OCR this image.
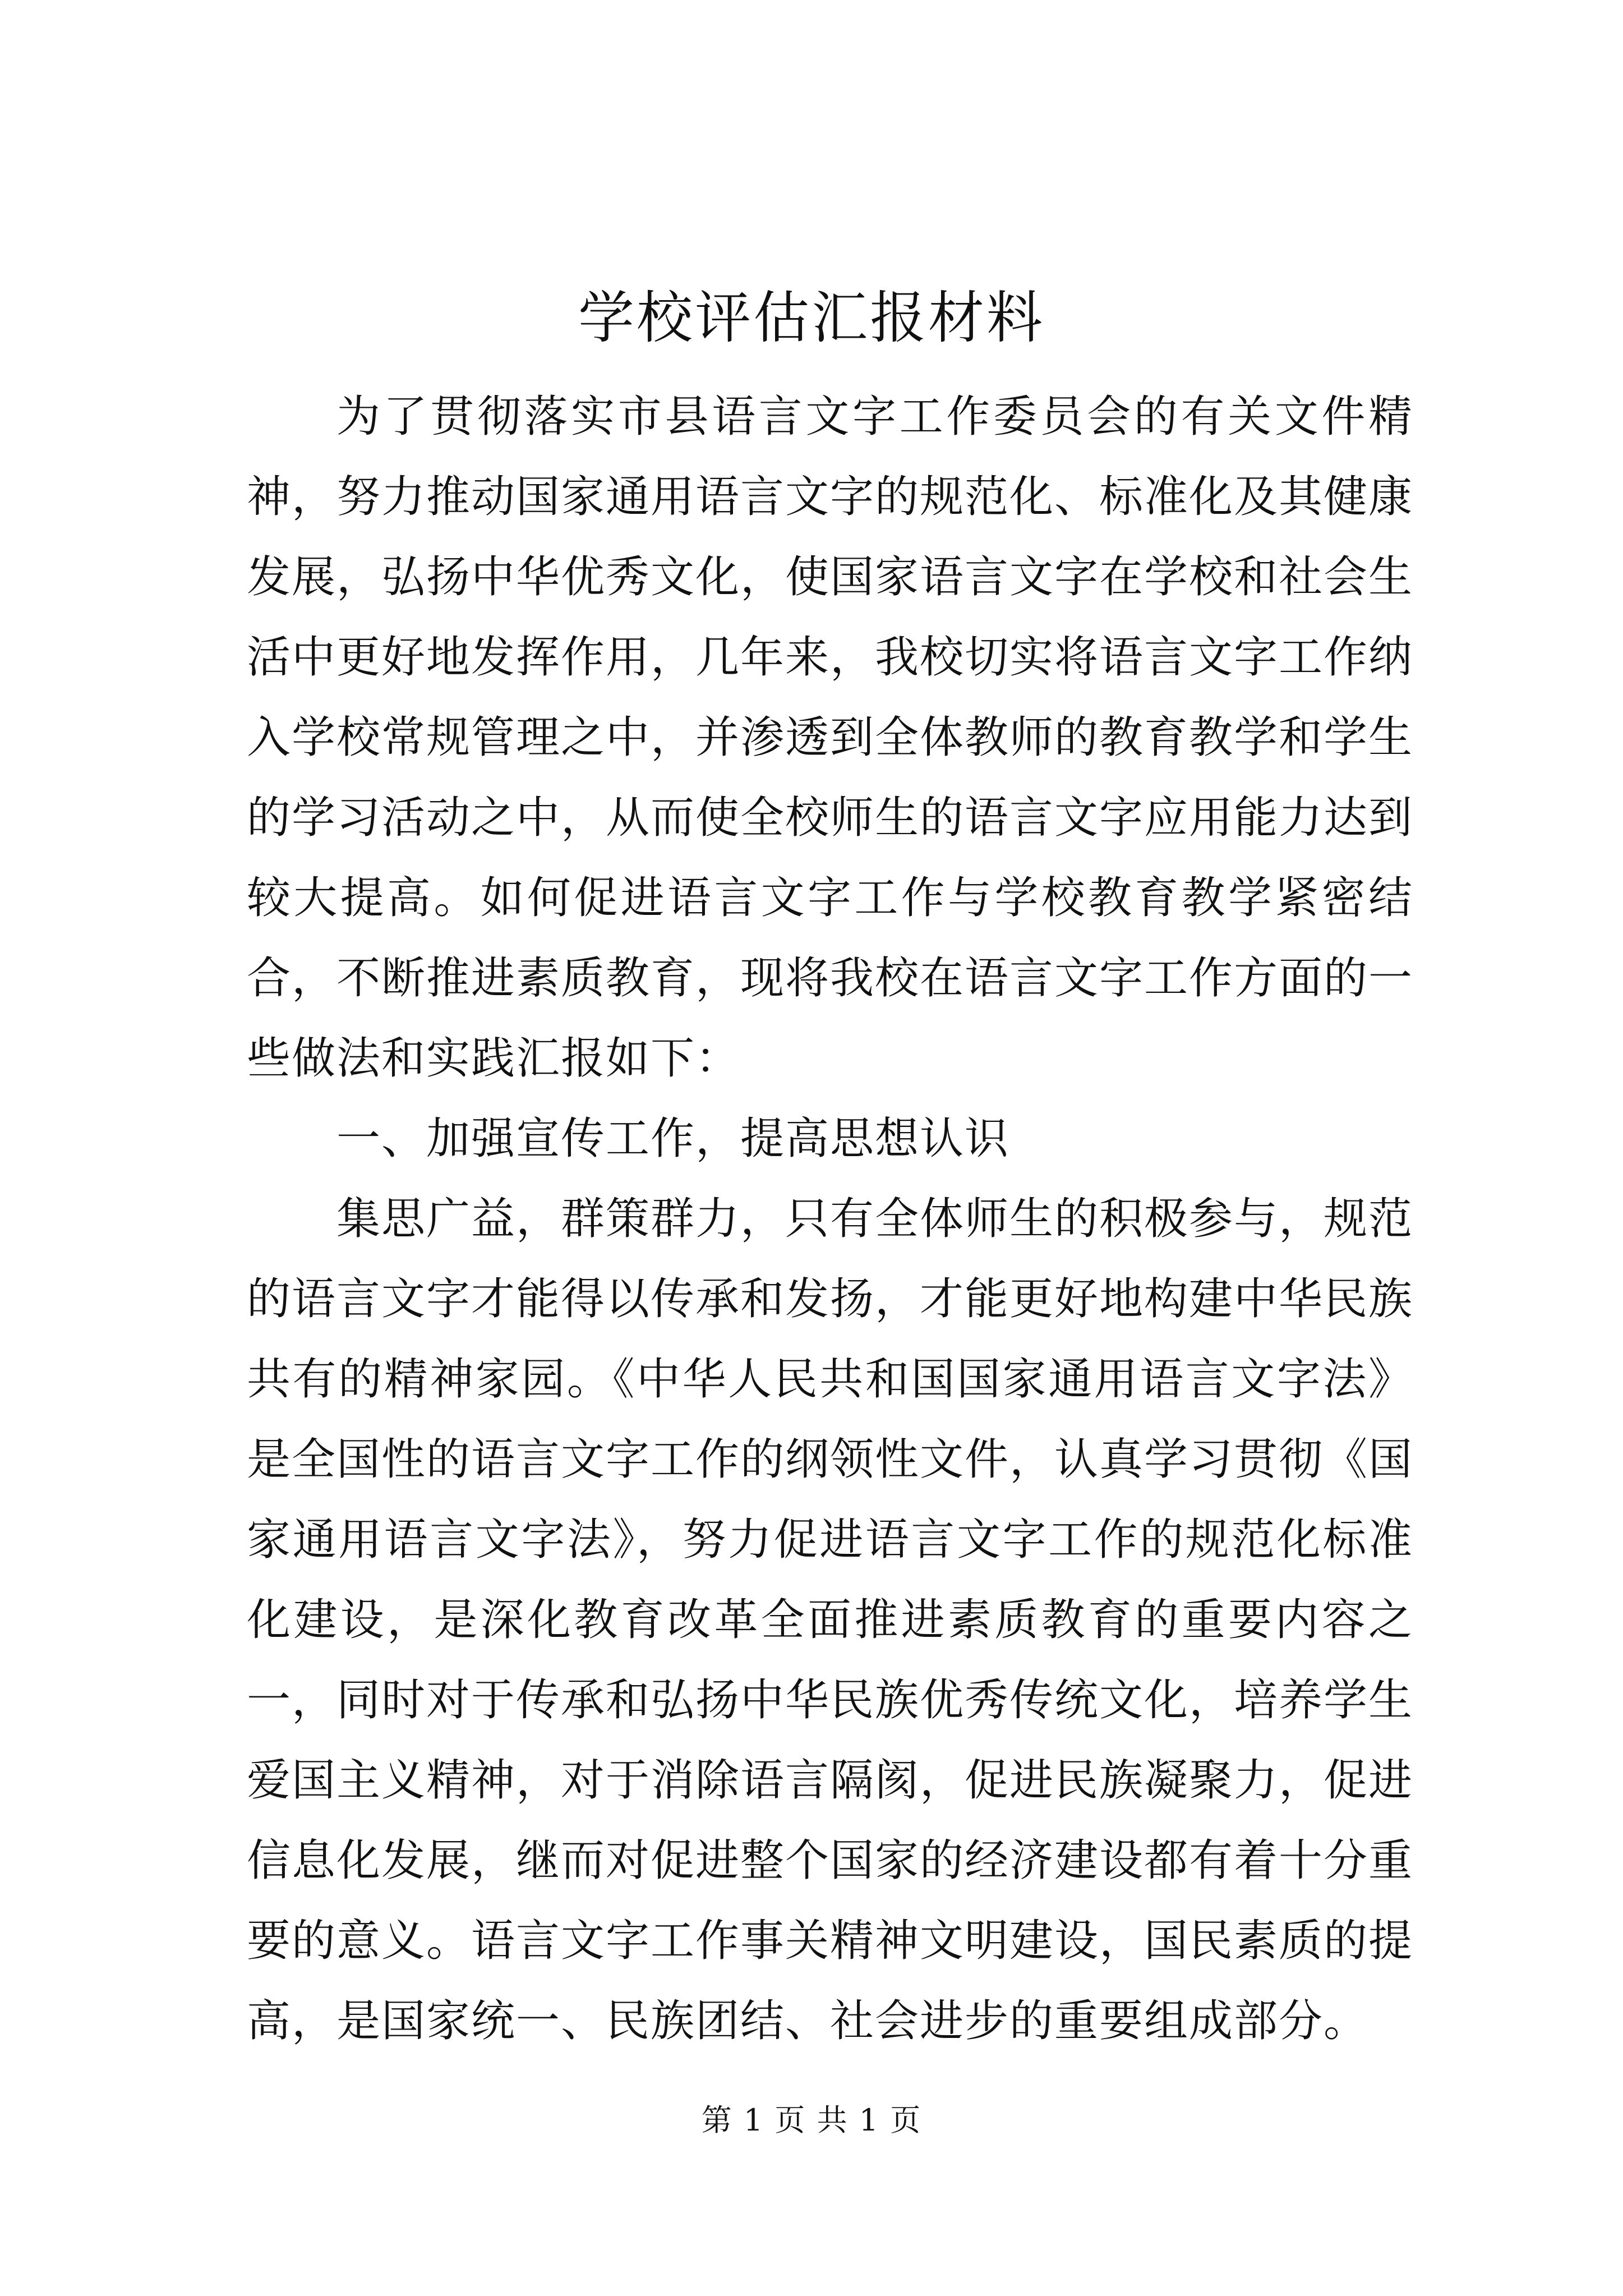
学校评估汇报材料

为了贯彻落实市县语言文字工作委员会的有关文件精神，努力推动国家通用语言文字的规范化、标准化及其健康发展，弘扬中华优秀文化，使国家语言文字在学校和社会生活中更好地发挥作用，几年来，我校切实将语言文字工作纳入学校常规管理之中，并渗透到全体教师的教育教学和学生的学习活动之中，从而使全校师生的语言文字应用能力达到较大提高。如何促进语言文字工作与学校教育教学紧密结合，不断推进素质教育，现将我校在语言文字工作方面的一些做法和实践汇报如下：

一、加强宣传工作，提高思想认识

集思广益，群策群力，只有全体师生的积极参与，规范的语言文字才能得以传承和发扬，才能更好地构建中华民族共有的精神家园。《中华人民共和国国家通用语言文字法》是全国性的语言文字工作的纲领性文件，认真学习贯彻《国家通用语言文字法》，努力促进语言文字工作的规范化标准化建设，是深化教育改革全面推进素质教育的重要内容之一，同时对于传承和弘扬中华民族优秀传统文化，培养学生爱国主义精神，对于消除语言隔阂，促进民族凝聚力，促进信息化发展，继而对促进整个国家的经济建设都有着十分重要的意义。语言文字工作事关精神文明建设，国民素质的提高，是国家统一、民族团结、社会进步的重要组成部分。

第 1 页 共 1 页
